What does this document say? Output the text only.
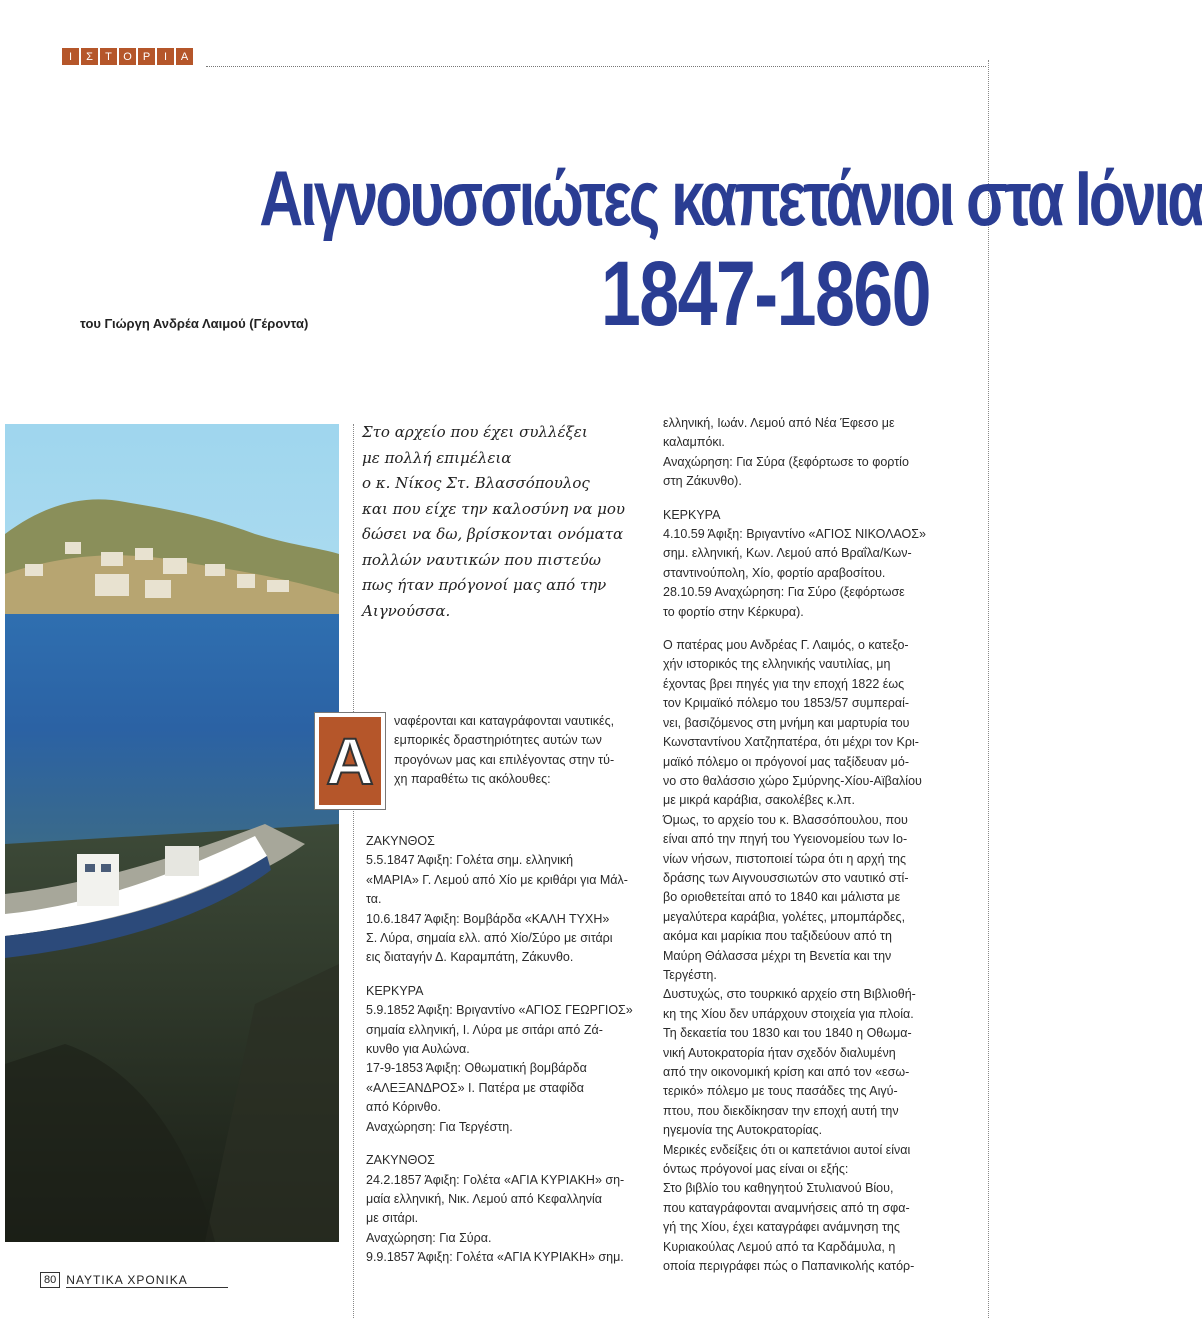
Ι	Σ	Τ	Ο	Ρ	Ι	Α
Αιγνουσσιώτες καπετάνιοι στα Ιόνια
1847-1860
του Γιώργη Ανδρέα Λαιμού (Γέροντα)
Στο αρχείο που έχει συλλέξει
με πολλή επιμέλεια
ο κ. Νίκος Στ. Βλασσόπουλος
και που είχε την καλοσύνη να μου
δώσει να δω, βρίσκονται ονόματα
πολλών ναυτικών που πιστεύω
πως ήταν πρόγονοί μας από την
Αιγνούσσα.
Α

ναφέρονται και καταγράφονται ναυτικές,

εμπορικές δραστηριότητες αυτών των

προγόνων μας και επιλέγοντας στην τύ-

χη παραθέτω τις ακόλουθες:

ΖΑΚΥΝΘΟΣ

5.5.1847 Άφιξη: Γολέτα σημ. ελληνική

«ΜΑΡΙΑ» Γ. Λεμού από Χίο με κριθάρι για Μάλ-

τα.

10.6.1847 Άφιξη: Βομβάρδα «ΚΑΛΗ ΤΥΧΗ»

Σ. Λύρα, σημαία ελλ. από Χίο/Σύρο με σιτάρι

εις διαταγήν Δ. Καραμπάτη, Ζάκυνθο.

ΚΕΡΚΥΡΑ

5.9.1852 Άφιξη: Βριγαντίνο «ΑΓΙΟΣ ΓΕΩΡΓΙΟΣ»

σημαία ελληνική, Ι. Λύρα με σιτάρι από Ζά-

κυνθο για Αυλώνα.

17-9-1853 Άφιξη: Οθωματική βομβάρδα

«ΑΛΕΞΑΝΔΡΟΣ» Ι. Πατέρα με σταφίδα

από Κόρινθο.

Αναχώρηση: Για Τεργέστη.

ΖΑΚΥΝΘΟΣ

24.2.1857 Άφιξη: Γολέτα «ΑΓΙΑ ΚΥΡΙΑΚΗ» ση-

μαία ελληνική, Νικ. Λεμού από Κεφαλληνία

με σιτάρι.

Αναχώρηση: Για Σύρα.

9.9.1857 Άφιξη: Γολέτα «ΑΓΙΑ ΚΥΡΙΑΚΗ» σημ.

ελληνική, Ιωάν. Λεμού από Νέα Έφεσο με

καλαμπόκι.

Αναχώρηση: Για Σύρα (ξεφόρτωσε το φορτίο

στη Ζάκυνθο).

ΚΕΡΚΥΡΑ

4.10.59 Άφιξη: Βριγαντίνο «ΑΓΙΟΣ ΝΙΚΟΛΑΟΣ»

σημ. ελληνική, Κων. Λεμού από Βραΐλα/Κων-

σταντινούπολη, Χίο, φορτίο αραβοσίτου.

28.10.59 Αναχώρηση: Για Σύρο (ξεφόρτωσε

το φορτίο στην Κέρκυρα).

Ο πατέρας μου Ανδρέας Γ. Λαιμός, ο κατεξο-

χήν ιστορικός της ελληνικής ναυτιλίας, μη

έχοντας βρει πηγές για την εποχή 1822 έως

τον Κριμαϊκό πόλεμο του 1853/57 συμπεραί-

νει, βασιζόμενος στη μνήμη και μαρτυρία του

Κωνσταντίνου Χατζηπατέρα, ότι μέχρι τον Κρι-

μαϊκό πόλεμο οι πρόγονοί μας ταξίδευαν μό-

νο στο θαλάσσιο χώρο Σμύρνης-Χίου-Αϊβαλίου

με μικρά καράβια, σακολέβες κ.λπ.

Όμως, το αρχείο του κ. Βλασσόπουλου, που

είναι από την πηγή του Υγειονομείου των Ιο-

νίων νήσων, πιστοποιεί τώρα ότι η αρχή της

δράσης των Αιγνουσσιωτών στο ναυτικό στί-

βο οριοθετείται από το 1840 και μάλιστα με

μεγαλύτερα καράβια, γολέτες, μπομπάρδες,

ακόμα και μαρίκια που ταξιδεύουν από τη

Μαύρη Θάλασσα μέχρι τη Βενετία και την

Τεργέστη.

Δυστυχώς, στο τουρκικό αρχείο στη Βιβλιοθή-

κη της Χίου δεν υπάρχουν στοιχεία για πλοία.

Τη δεκαετία του 1830 και του 1840 η Οθωμα-

νική Αυτοκρατορία ήταν σχεδόν διαλυμένη

από την οικονομική κρίση και από τον «εσω-

τερικό» πόλεμο με τους πασάδες της Αιγύ-

πτου, που διεκδίκησαν την εποχή αυτή την

ηγεμονία της Αυτοκρατορίας.

Μερικές ενδείξεις ότι οι καπετάνιοι αυτοί είναι

όντως πρόγονοί μας είναι οι εξής:

Στο βιβλίο του καθηγητού Στυλιανού Βίου,

που καταγράφονται αναμνήσεις από τη σφα-

γή της Χίου, έχει καταγράφει ανάμνηση της

Κυριακούλας Λεμού από τα Καρδάμυλα, η

οποία περιγράφει πώς ο Παπανικολής κατόρ-

80 ΝΑΥΤΙΚΑ ΧΡΟΝΙΚΑ
